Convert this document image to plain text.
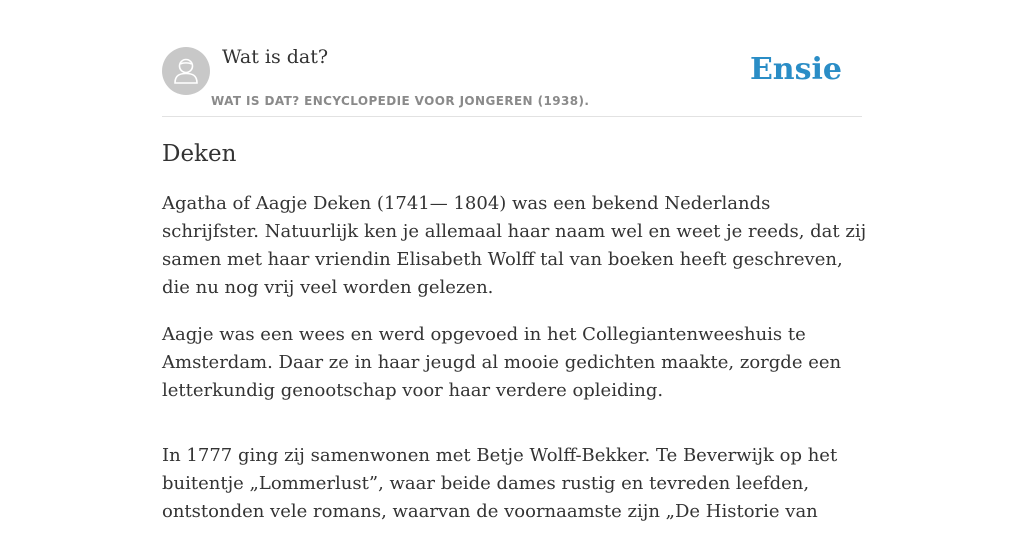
Wat is dat?
WAT IS DAT? ENCYCLOPEDIE VOOR JONGEREN (1938).
Ensie
Deken

Agatha of Aagje Deken (1741— 1804) was een bekend Nederlands schrijfster. Natuurlijk ken je allemaal haar naam wel en weet je reeds, dat zij samen met haar vriendin Elisabeth Wolff tal van boeken heeft geschreven, die nu nog vrij veel worden gelezen.

Aagje was een wees en werd opgevoed in het Collegiantenweeshuis te Amsterdam. Daar ze in haar jeugd al mooie gedichten maakte, zorgde een letterkundig genootschap voor haar verdere opleiding.

In 1777 ging zij samenwonen met Betje Wolff-Bekker. Te Beverwijk op het buitentje „Lommerlust”, waar beide dames rustig en tevreden leefden, ontstonden vele romans, waarvan de voornaamste zijn „De Historie van
